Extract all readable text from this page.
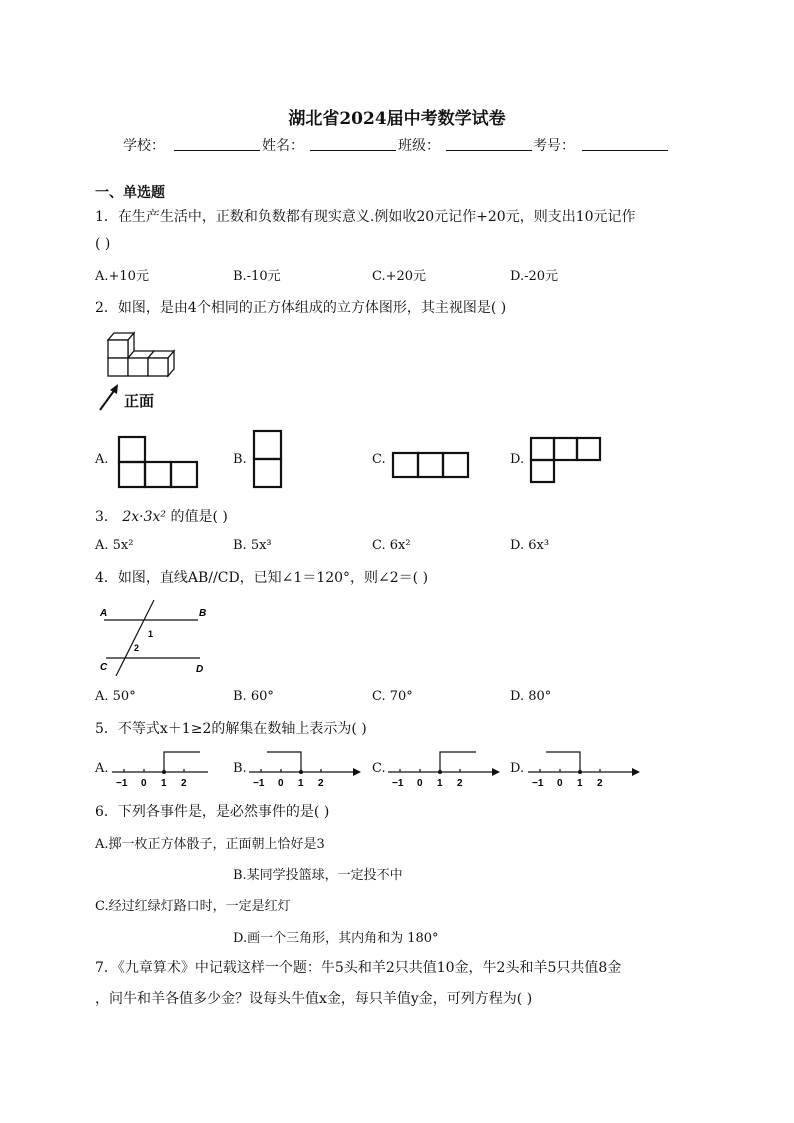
湖北省2024届中考数学试卷
学校：	姓名：	班级：	考号：
一、单选题
1．在生产生活中，正数和负数都有现实意义.例如收20元记作+20元，则支出10元记作
( )
A.+10元	B.-10元	C.+20元	D.-20元
2．如图，是由4个相同的正方体组成的立方体图形，其主视图是( )
正面
A.	B.	C.	D.
3． 2x·3x² 的值是( )
A. 5x²	B. 5x³	C. 6x²	D. 6x³
4．如图，直线AB//CD，已知∠1＝120°，则∠2＝( )
A	B
C	D
1
2
A. 50°	B. 60°	C. 70°	D. 80°
5．不等式x＋1≥2的解集在数轴上表示为( )
A.
−1 0 1 2
B.
−1 0 1 2
C.
−1 0 1 2
D.
−1 0 1 2
6．下列各事件是，是必然事件的是( )
A.掷一枚正方体骰子，正面朝上恰好是3
B.某同学投篮球，一定投不中
C.经过红绿灯路口时，一定是红灯
D.画一个三角形，其内角和为 180°
7．《九章算术》中记载这样一个题：牛5头和羊2只共值10金，牛2头和羊5只共值8金
，问牛和羊各值多少金？设每头牛值x金，每只羊值y金，可列方程为( )
